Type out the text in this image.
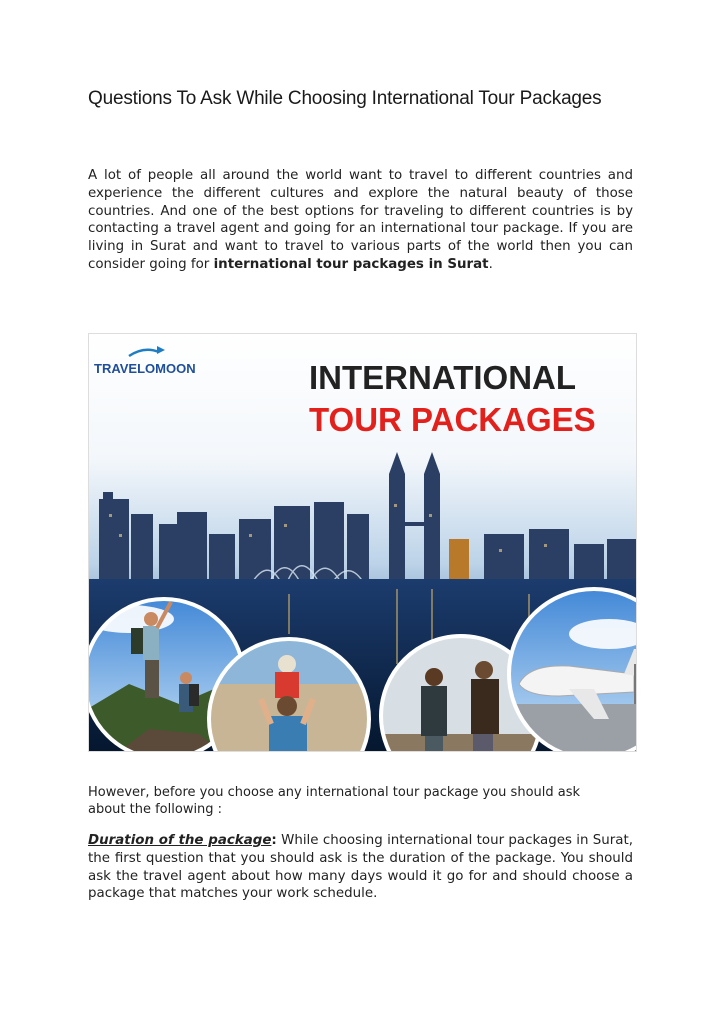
Questions To Ask While Choosing International Tour Packages

A lot of people all around the world want to travel to different countries and experience the different cultures and explore the natural beauty of those countries. And one of the best options for traveling to different countries is by contacting a travel agent and going for an international tour package. If you are living in Surat and want to travel to various parts of the world then you can consider going for international tour packages in Surat.

TRAVELOMOON	INTERNATIONAL
TOUR PACKAGES

However, before you choose any international tour package you should ask about the following :

Duration of the package: While choosing international tour packages in Surat, the first question that you should ask is the duration of the package. You should ask the travel agent about how many days would it go for and should choose a package that matches your work schedule.
